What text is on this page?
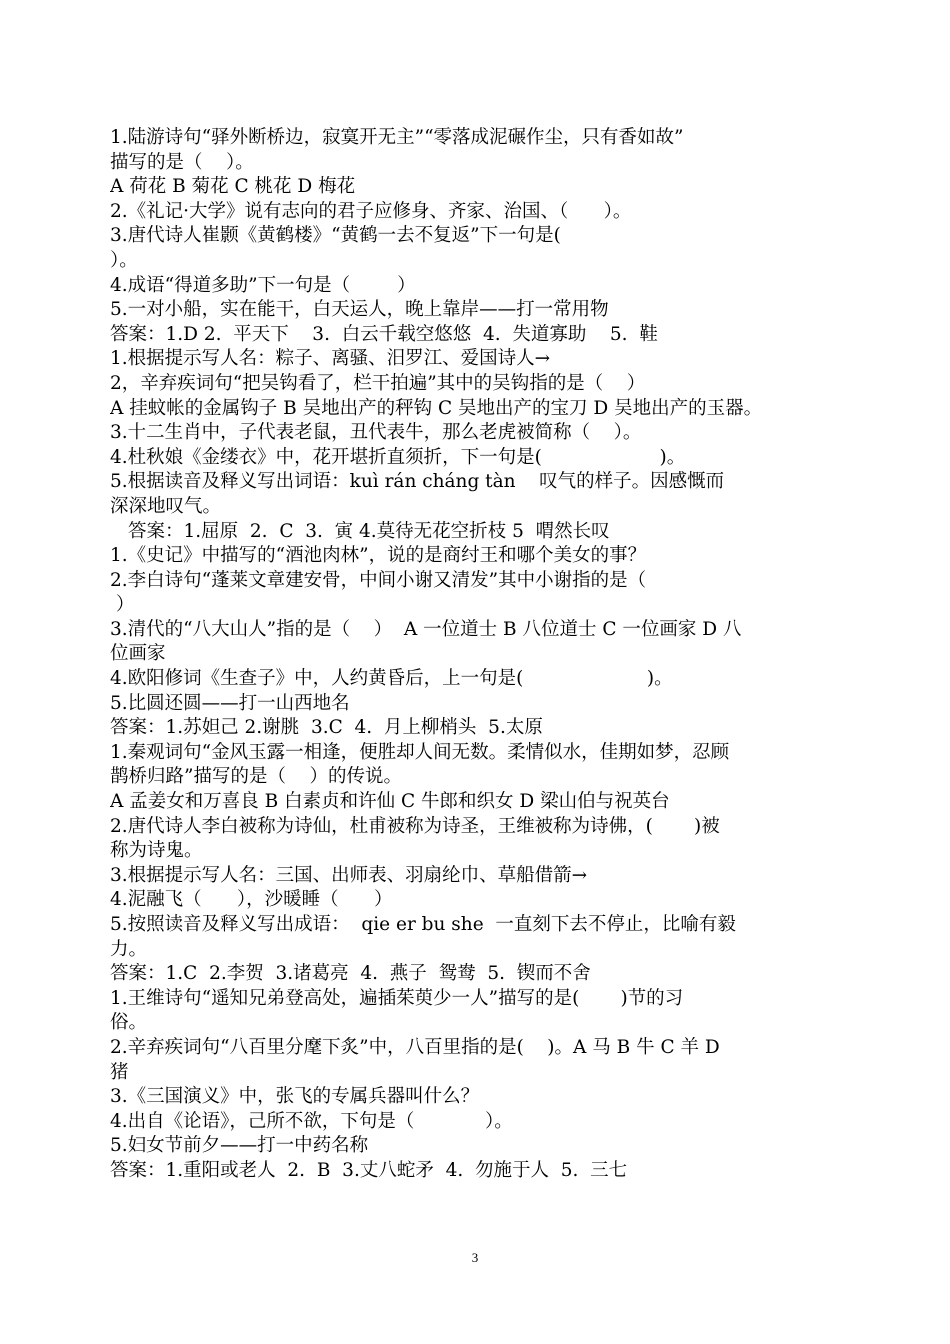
1.陆游诗句“驿外断桥边，寂寞开无主”“零落成泥碾作尘，只有香如故”
描写的是（    ）。
A 荷花 B 菊花 C 桃花 D 梅花
2.《礼记·大学》说有志向的君子应修身、齐家、治国、（      ）。
3.唐代诗人崔颢《黄鹤楼》“黄鹤一去不复返”下一句是(
）。
4.成语“得道多助”下一句是（        ）
5.一对小船，实在能干，白天运人，晚上靠岸——打一常用物
答案：1.D 2.  平天下    3.  白云千载空悠悠  4.  失道寡助    5.  鞋
1.根据提示写人名：粽子、离骚、汨罗江、爱国诗人→
2，辛弃疾词句“把吴钩看了，栏干拍遍”其中的吴钩指的是（    ）
A 挂蚊帐的金属钩子 B 吴地出产的秤钩 C 吴地出产的宝刀 D 吴地出产的玉器。
3.十二生肖中，子代表老鼠，丑代表牛，那么老虎被简称（    ）。
4.杜秋娘《金缕衣》中，花开堪折直须折，下一句是(                    )。
5.根据读音及释义写出词语：kuì rán cháng tàn    叹气的样子。因感慨而
深深地叹气。
答案：1.屈原  2.  C  3.  寅 4.莫待无花空折枝 5  喟然长叹
1.《史记》中描写的“酒池肉林”，说的是商纣王和哪个美女的事？
2.李白诗句“蓬莱文章建安骨，中间小谢又清发”其中小谢指的是（
）
3.清代的“八大山人”指的是（    ）  A 一位道士 B 八位道士 C 一位画家 D 八
位画家
4.欧阳修词《生查子》中，人约黄昏后，上一句是(                     )。
5.比圆还圆——打一山西地名
答案：1.苏妲己 2.谢朓  3.C  4.  月上柳梢头  5.太原
1.秦观词句“金风玉露一相逢，便胜却人间无数。柔情似水，佳期如梦，忍顾
鹊桥归路”描写的是（    ）的传说。
A 孟姜女和万喜良 B 白素贞和许仙 C 牛郎和织女 D 梁山伯与祝英台
2.唐代诗人李白被称为诗仙，杜甫被称为诗圣，王维被称为诗佛，(       )被
称为诗鬼。
3.根据提示写人名：三国、出师表、羽扇纶巾、草船借箭→
4.泥融飞（      ），沙暖睡（      ）
5.按照读音及释义写出成语：  qie er bu she  一直刻下去不停止，比喻有毅
力。
答案：1.C  2.李贺  3.诸葛亮  4.  燕子  鸳鸯  5.  锲而不舍
1.王维诗句“遥知兄弟登高处，遍插茱萸少一人”描写的是(       )节的习
俗。
2.辛弃疾词句“八百里分麾下炙”中，八百里指的是(    )。A 马 B 牛 C 羊 D
猪
3.《三国演义》中，张飞的专属兵器叫什么？
4.出自《论语》，己所不欲，下句是（            ）。
5.妇女节前夕——打一中药名称
答案：1.重阳或老人  2.  B  3.丈八蛇矛  4.  勿施于人  5.  三七
3
